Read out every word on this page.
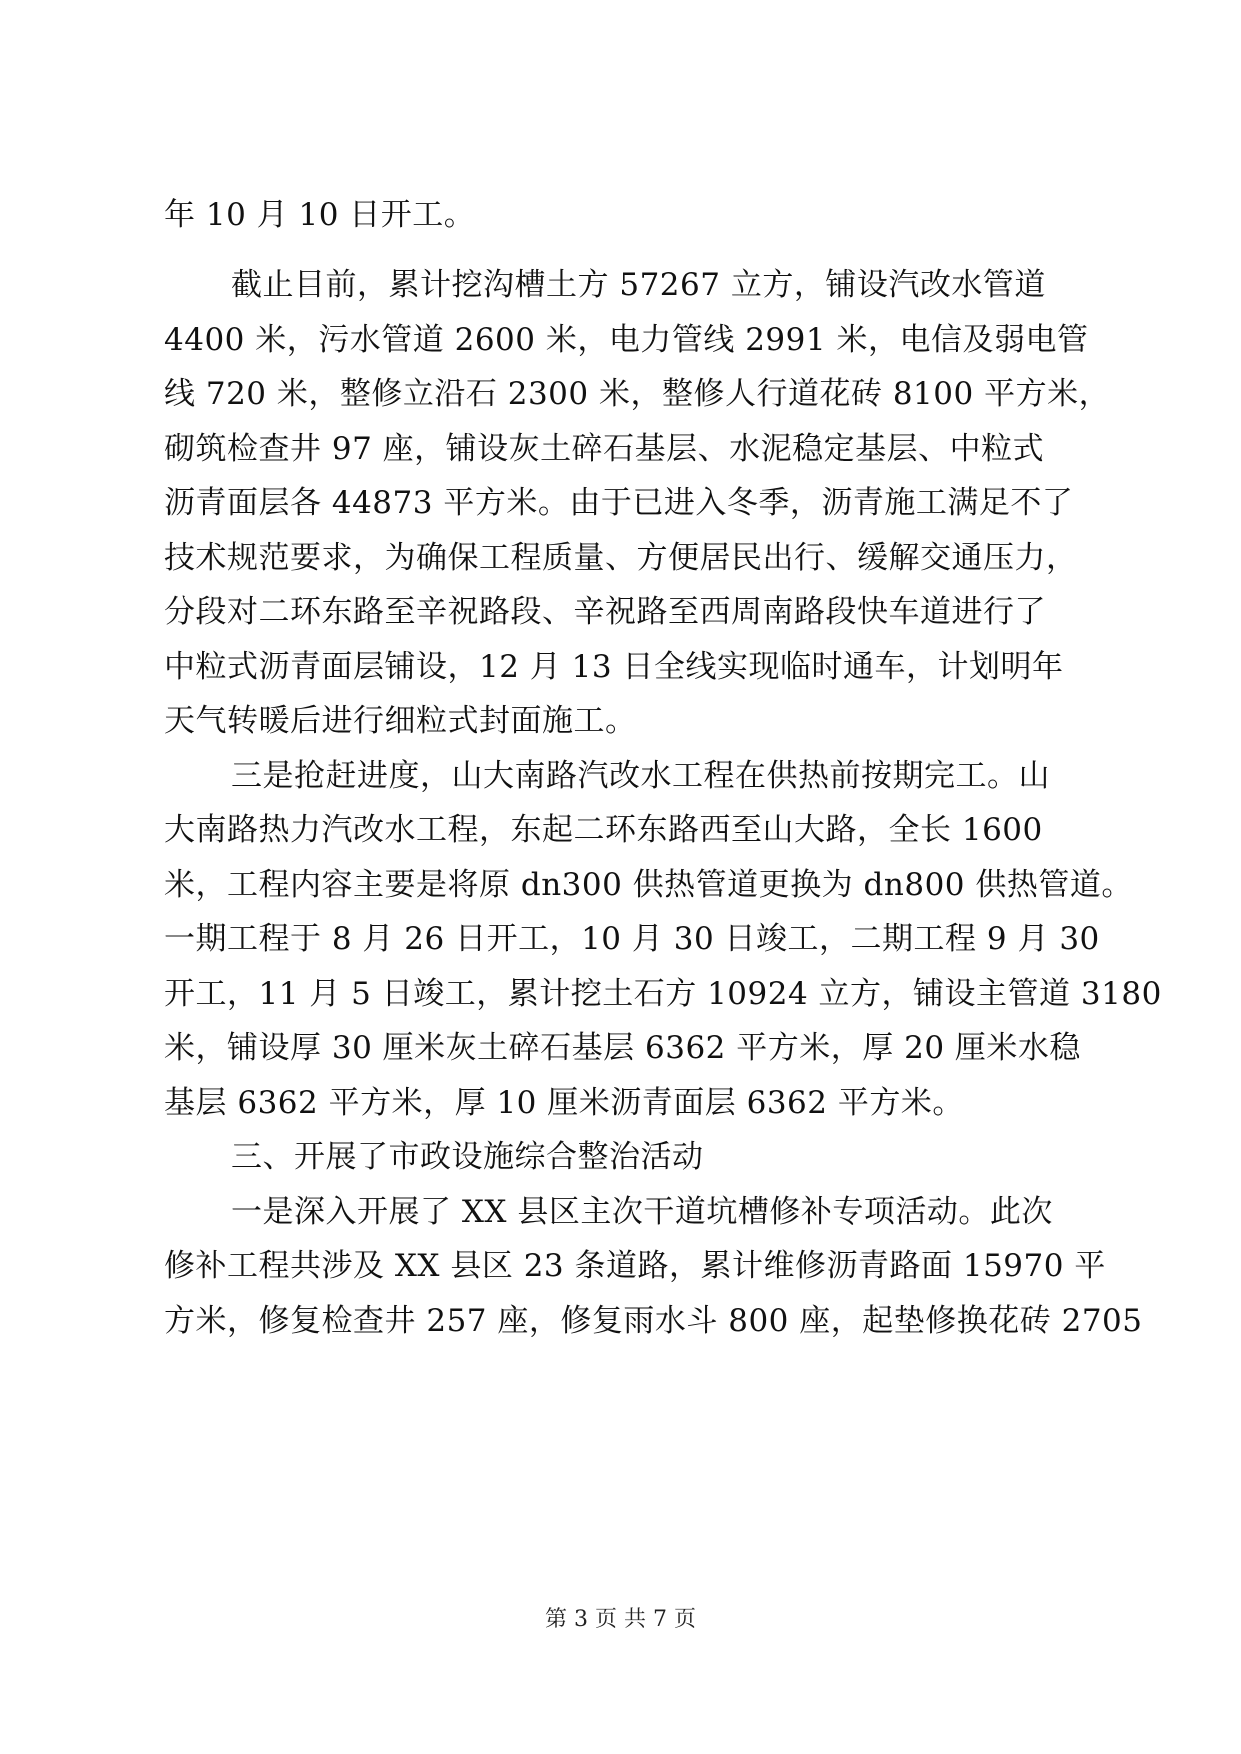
年 10 月 10 日开工。
截止目前，累计挖沟槽土方 57267 立方，铺设汽改水管道
4400 米，污水管道 2600 米，电力管线 2991 米，电信及弱电管
线 720 米，整修立沿石 2300 米，整修人行道花砖 8100 平方米，
砌筑检查井 97 座，铺设灰土碎石基层、水泥稳定基层、中粒式
沥青面层各 44873 平方米。由于已进入冬季，沥青施工满足不了
技术规范要求，为确保工程质量、方便居民出行、缓解交通压力，
分段对二环东路至辛祝路段、辛祝路至西周南路段快车道进行了
中粒式沥青面层铺设，12 月 13 日全线实现临时通车，计划明年
天气转暖后进行细粒式封面施工。
三是抢赶进度，山大南路汽改水工程在供热前按期完工。山
大南路热力汽改水工程，东起二环东路西至山大路，全长 1600
米，工程内容主要是将原 dn300 供热管道更换为 dn800 供热管道。
一期工程于 8 月 26 日开工，10 月 30 日竣工，二期工程 9 月 30
开工，11 月 5 日竣工，累计挖土石方 10924 立方，铺设主管道 3180
米，铺设厚 30 厘米灰土碎石基层 6362 平方米，厚 20 厘米水稳
基层 6362 平方米，厚 10 厘米沥青面层 6362 平方米。
三、开展了市政设施综合整治活动
一是深入开展了 XX 县区主次干道坑槽修补专项活动。此次
修补工程共涉及 XX 县区 23 条道路，累计维修沥青路面 15970 平
方米，修复检查井 257 座，修复雨水斗 800 座，起垫修换花砖 2705
第 3 页 共 7 页
